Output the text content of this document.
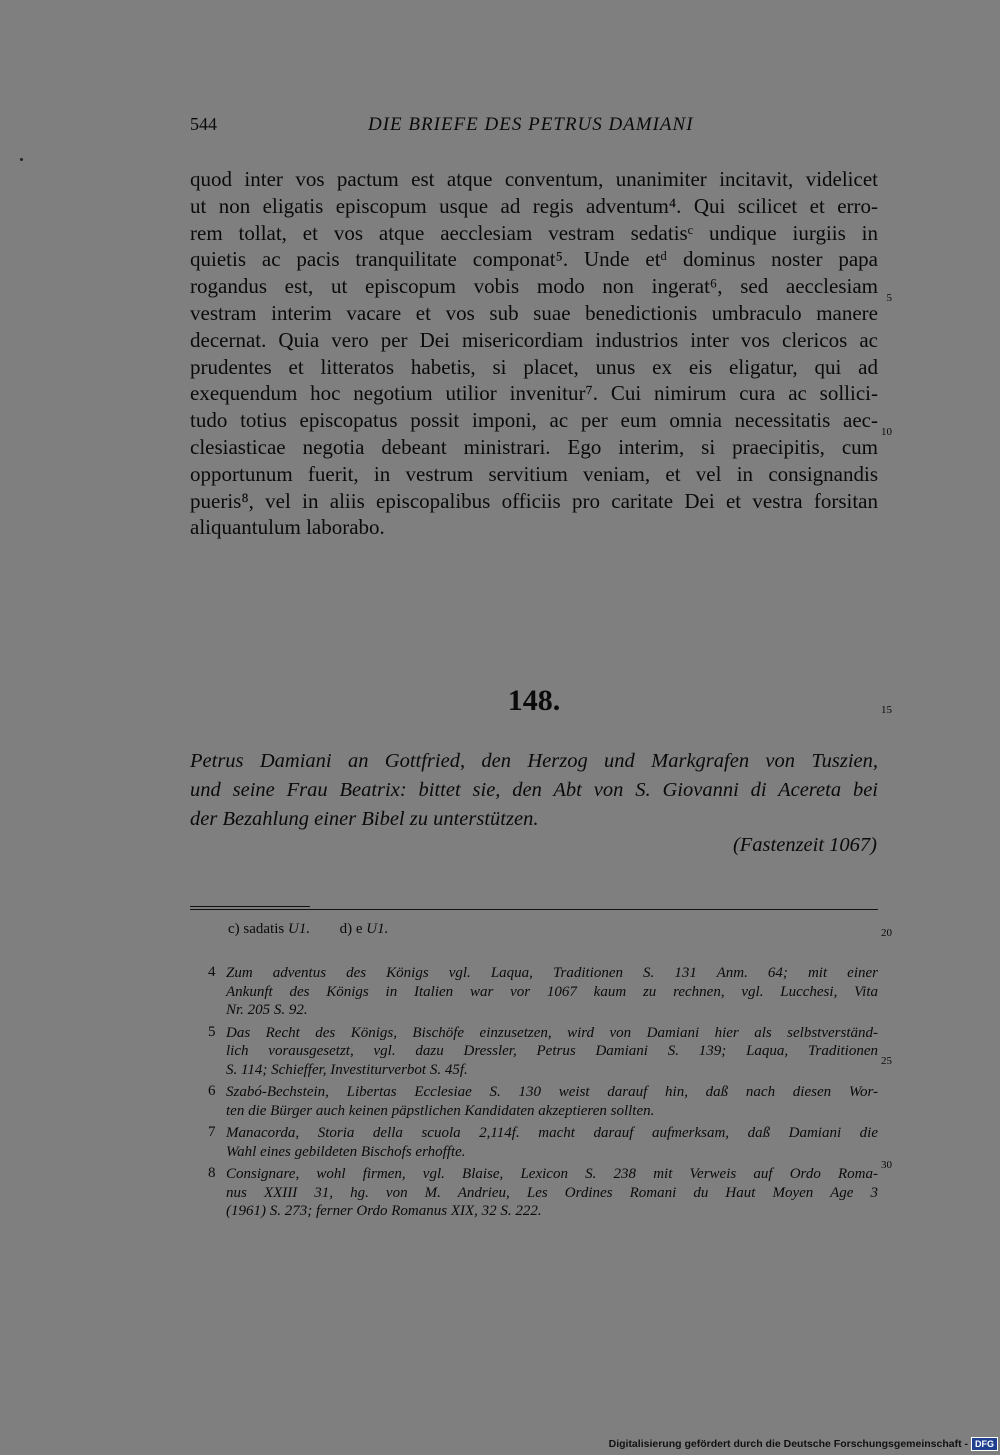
544	DIE BRIEFE DES PETRUS DAMIANI
quod inter vos pactum est atque conventum, unanimiter incitavit, videlicet
ut non eligatis episcopum usque ad regis adventum⁴. Qui scilicet et erro-
rem tollat, et vos atque aecclesiam vestram sedatisᶜ undique iurgiis in
quietis ac pacis tranquilitate componat⁵. Unde etᵈ dominus noster papa
rogandus est, ut episcopum vobis modo non ingerat⁶, sed aecclesiam
vestram interim vacare et vos sub suae benedictionis umbraculo manere
decernat. Quia vero per Dei misericordiam industrios inter vos clericos ac
prudentes et litteratos habetis, si placet, unus ex eis eligatur, qui ad
exequendum hoc negotium utilior invenitur⁷. Cui nimirum cura ac sollici-
tudo totius episcopatus possit imponi, ac per eum omnia necessitatis aec-
clesiasticae negotia debeant ministrari. Ego interim, si praecipitis, cum
opportunum fuerit, in vestrum servitium veniam, et vel in consignandis
pueris⁸, vel in aliis episcopalibus officiis pro caritate Dei et vestra forsitan
aliquantulum laborabo.
5
10
15
20
25
30
148.
Petrus Damiani an Gottfried, den Herzog und Markgrafen von Tuszien,
und seine Frau Beatrix: bittet sie, den Abt von S. Giovanni di Acereta bei
der Bezahlung einer Bibel zu unterstützen.
(Fastenzeit 1067)
c) sadatis U1. d) e U1.
4 Zum adventus des Königs vgl. Laqua, Traditionen S. 131 Anm. 64; mit einer
Ankunft des Königs in Italien war vor 1067 kaum zu rechnen, vgl. Lucchesi, Vita
Nr. 205 S. 92.
5 Das Recht des Königs, Bischöfe einzusetzen, wird von Damiani hier als selbstverständ-
lich vorausgesetzt, vgl. dazu Dressler, Petrus Damiani S. 139; Laqua, Traditionen
S. 114; Schieffer, Investiturverbot S. 45f.
6 Szabó-Bechstein, Libertas Ecclesiae S. 130 weist darauf hin, daß nach diesen Wor-
ten die Bürger auch keinen päpstlichen Kandidaten akzeptieren sollten.
7 Manacorda, Storia della scuola 2,114f. macht darauf aufmerksam, daß Damiani die
Wahl eines gebildeten Bischofs erhoffte.
8 Consignare, wohl firmen, vgl. Blaise, Lexicon S. 238 mit Verweis auf Ordo Roma-
nus XXIII 31, hg. von M. Andrieu, Les Ordines Romani du Haut Moyen Age 3
(1961) S. 273; ferner Ordo Romanus XIX, 32 S. 222.
Digitalisierung gefördert durch die Deutsche Forschungsgemeinschaft - DFG
